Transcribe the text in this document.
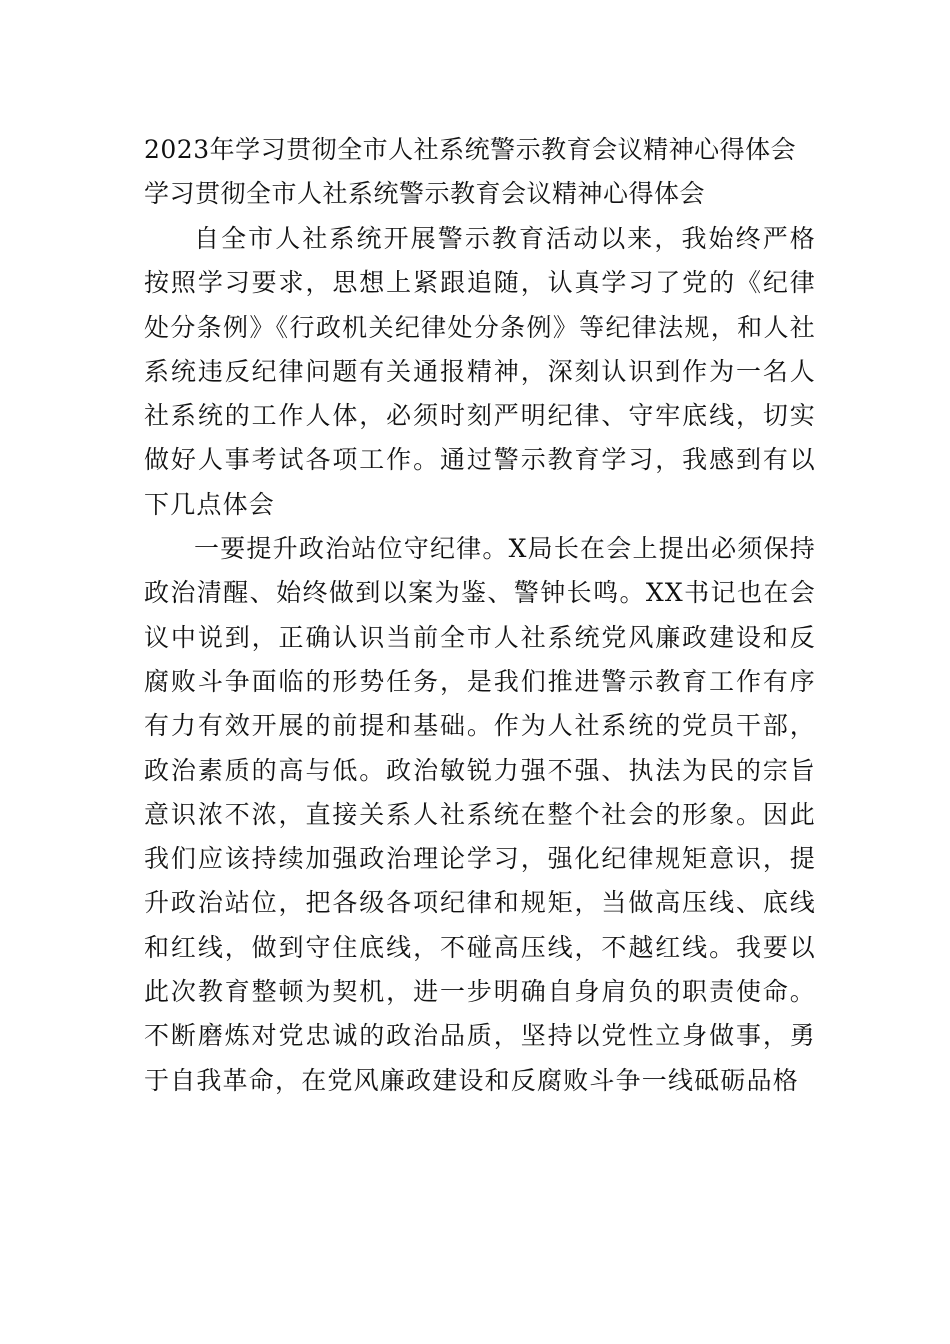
2023年学习贯彻全市人社系统警示教育会议精神心得体会

学习贯彻全市人社系统警示教育会议精神心得体会

自全市人社系统开展警示教育活动以来，我始终严格按照学习要求，思想上紧跟追随，认真学习了党的《纪律处分条例》《行政机关纪律处分条例》等纪律法规，和人社系统违反纪律问题有关通报精神，深刻认识到作为一名人社系统的工作人体，必须时刻严明纪律、守牢底线，切实做好人事考试各项工作。通过警示教育学习，我感到有以下几点体会

一要提升政治站位守纪律。X局长在会上提出必须保持政治清醒、始终做到以案为鉴、警钟长鸣。XX书记也在会议中说到，正确认识当前全市人社系统党风廉政建设和反腐败斗争面临的形势任务，是我们推进警示教育工作有序有力有效开展的前提和基础。作为人社系统的党员干部，政治素质的高与低。政治敏锐力强不强、执法为民的宗旨意识浓不浓，直接关系人社系统在整个社会的形象。因此我们应该持续加强政治理论学习，强化纪律规矩意识，提升政治站位，把各级各项纪律和规矩，当做高压线、底线和红线，做到守住底线，不碰高压线，不越红线。我要以此次教育整顿为契机，进一步明确自身肩负的职责使命。不断磨炼对党忠诚的政治品质，坚持以党性立身做事，勇于自我革命，在党风廉政建设和反腐败斗争一线砥砺品格
